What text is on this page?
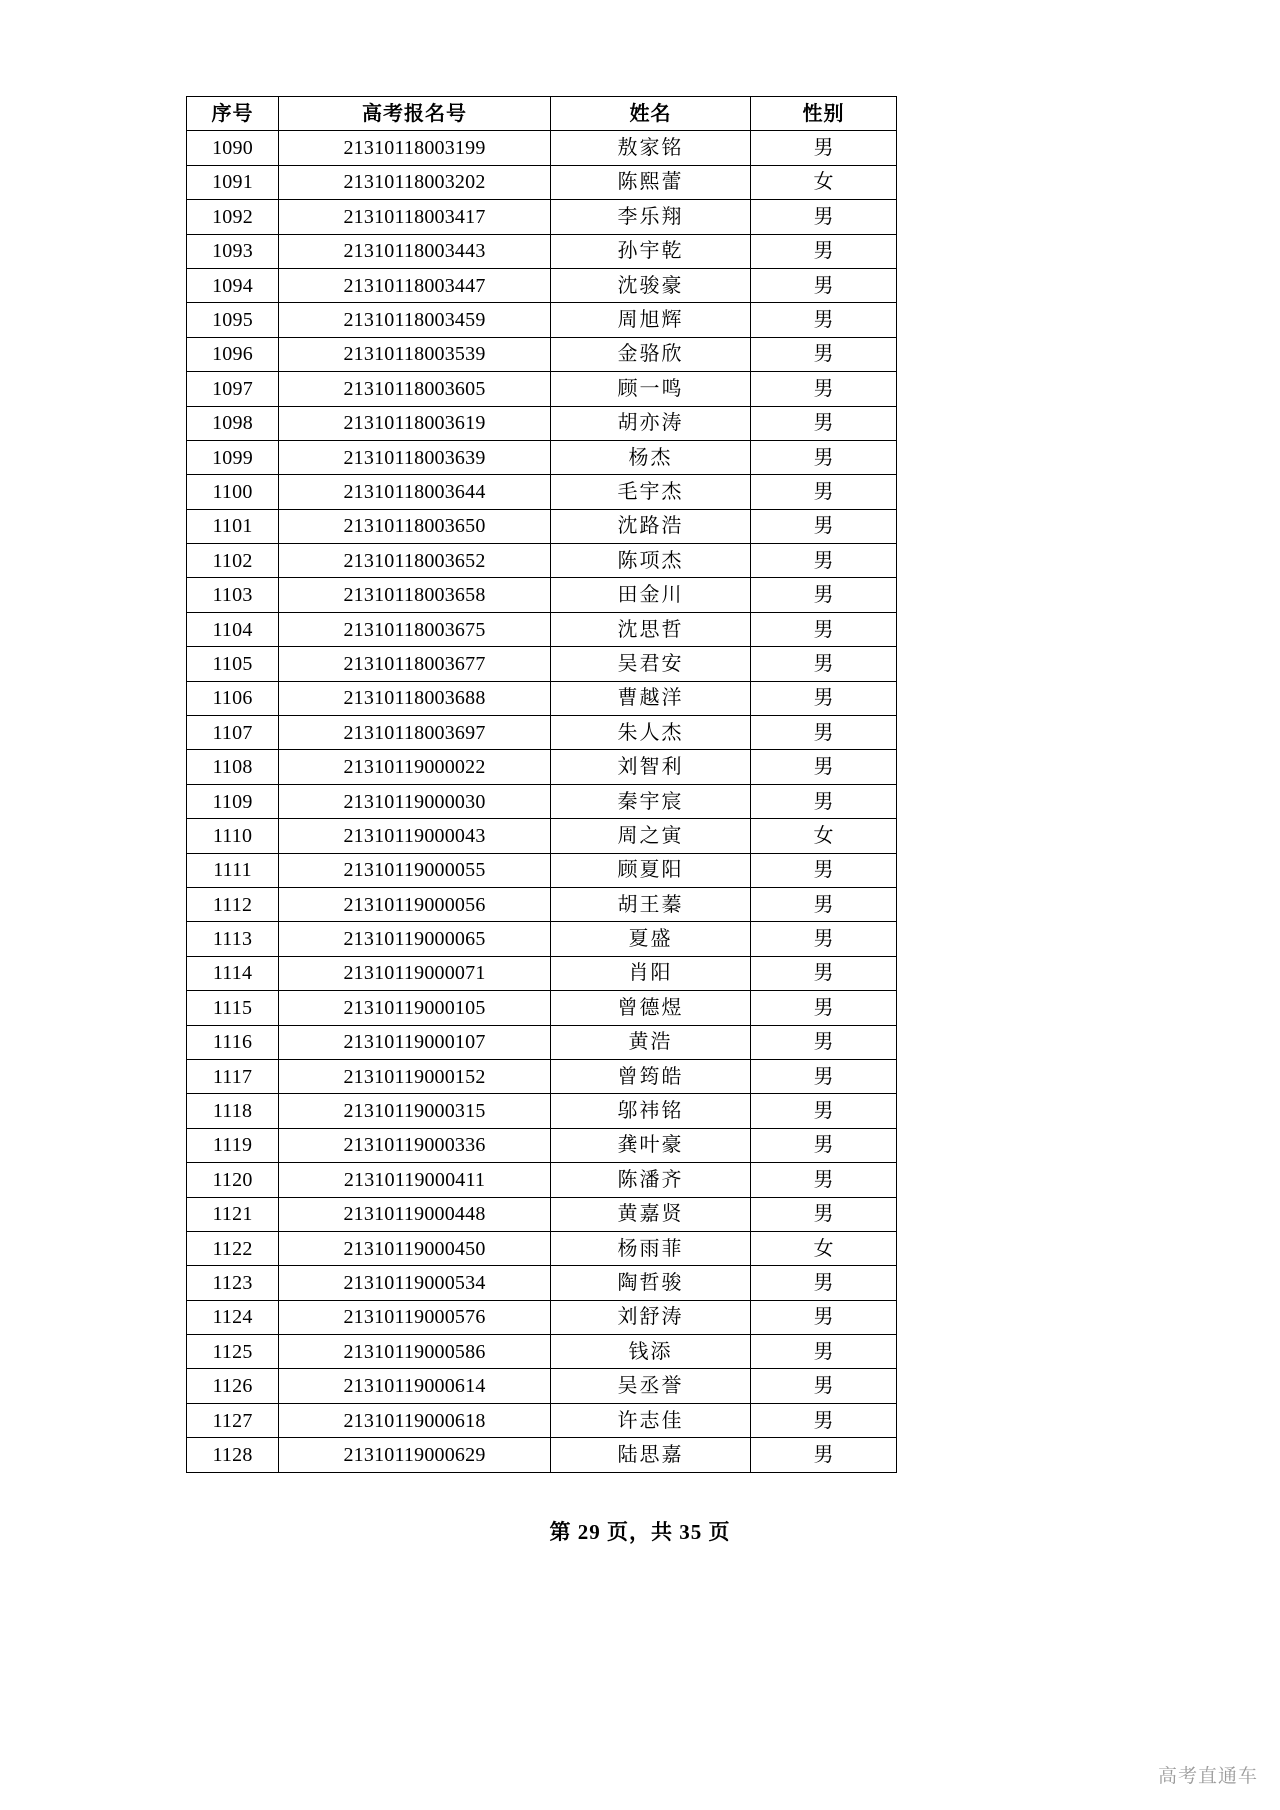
序号	高考报名号	姓名	性别
1090	21310118003199	敖家铭	男
1091	21310118003202	陈熙蕾	女
1092	21310118003417	李乐翔	男
1093	21310118003443	孙宇乾	男
1094	21310118003447	沈骏豪	男
1095	21310118003459	周旭辉	男
1096	21310118003539	金骆欣	男
1097	21310118003605	顾一鸣	男
1098	21310118003619	胡亦涛	男
1099	21310118003639	杨杰	男
1100	21310118003644	毛宇杰	男
1101	21310118003650	沈路浩	男
1102	21310118003652	陈项杰	男
1103	21310118003658	田金川	男
1104	21310118003675	沈思哲	男
1105	21310118003677	吴君安	男
1106	21310118003688	曹越洋	男
1107	21310118003697	朱人杰	男
1108	21310119000022	刘智利	男
1109	21310119000030	秦宇宸	男
1110	21310119000043	周之寅	女
1111	21310119000055	顾夏阳	男
1112	21310119000056	胡王蓁	男
1113	21310119000065	夏盛	男
1114	21310119000071	肖阳	男
1115	21310119000105	曾德煜	男
1116	21310119000107	黄浩	男
1117	21310119000152	曾筠皓	男
1118	21310119000315	邬祎铭	男
1119	21310119000336	龚叶豪	男
1120	21310119000411	陈潘齐	男
1121	21310119000448	黄嘉贤	男
1122	21310119000450	杨雨菲	女
1123	21310119000534	陶哲骏	男
1124	21310119000576	刘舒涛	男
1125	21310119000586	钱添	男
1126	21310119000614	吴丞誉	男
1127	21310119000618	许志佳	男
1128	21310119000629	陆思嘉	男
第 29 页，共 35 页
高考直通车
